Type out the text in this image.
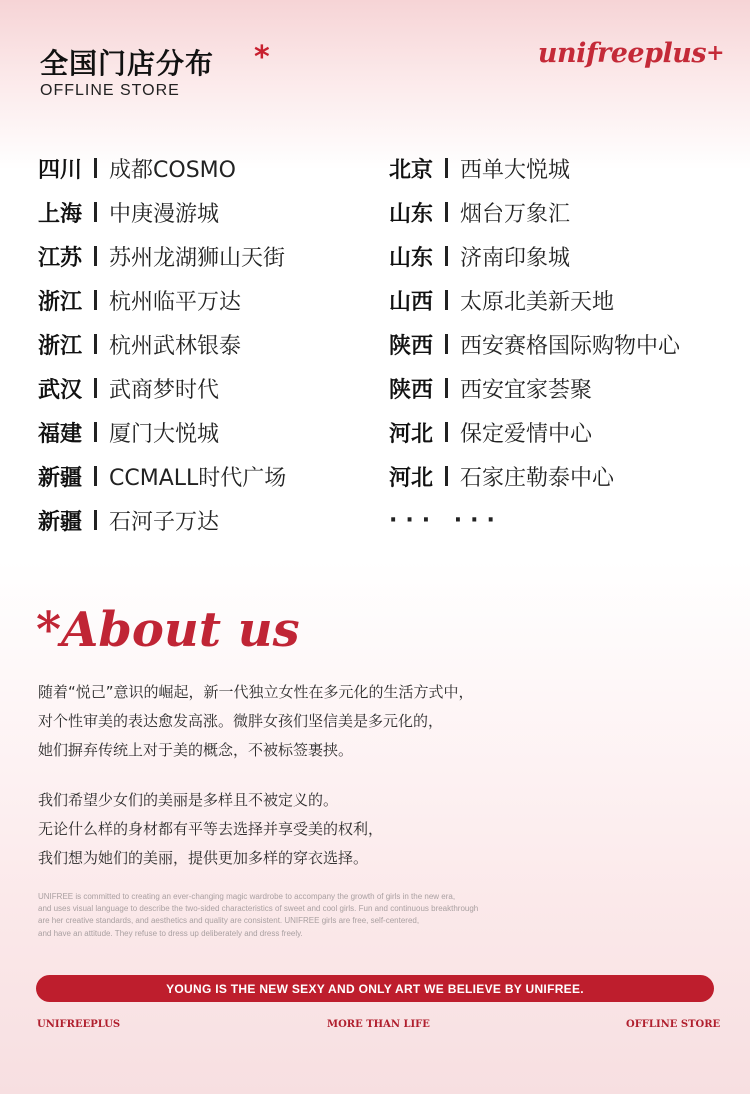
全国门店分布 *
OFFLINE STORE
unifreeplus+
四川 成都COSMO
上海 中庚漫游城
江苏 苏州龙湖狮山天街
浙江 杭州临平万达
浙江 杭州武林银泰
武汉 武商梦时代
福建 厦门大悦城
新疆 CCMALL时代广场
新疆 石河子万达
北京 西单大悦城
山东 烟台万象汇
山东 济南印象城
山西 太原北美新天地
陕西 西安赛格国际购物中心
陕西 西安宜家荟聚
河北 保定爱情中心
河北 石家庄勒泰中心
··· ···
*About us
随着“悦己”意识的崛起，新一代独立女性在多元化的生活方式中，
对个性审美的表达愈发高涨。微胖女孩们坚信美是多元化的，
她们摒弃传统上对于美的概念，不被标签裹挟。
我们希望少女们的美丽是多样且不被定义的。
无论什么样的身材都有平等去选择并享受美的权利，
我们想为她们的美丽，提供更加多样的穿衣选择。
UNIFREE is committed to creating an ever-changing magic wardrobe to accompany the growth of girls in the new era,
and uses visual language to describe the two-sided characteristics of sweet and cool girls. Fun and continuous breakthrough
are her creative standards, and aesthetics and quality are consistent. UNIFREE girls are free, self-centered,
and have an attitude. They refuse to dress up deliberately and dress freely.
YOUNG IS THE NEW SEXY AND ONLY ART WE BELIEVE BY UNIFREE.
UNIFREEPLUS	MORE THAN LIFE	OFFLINE STORE
